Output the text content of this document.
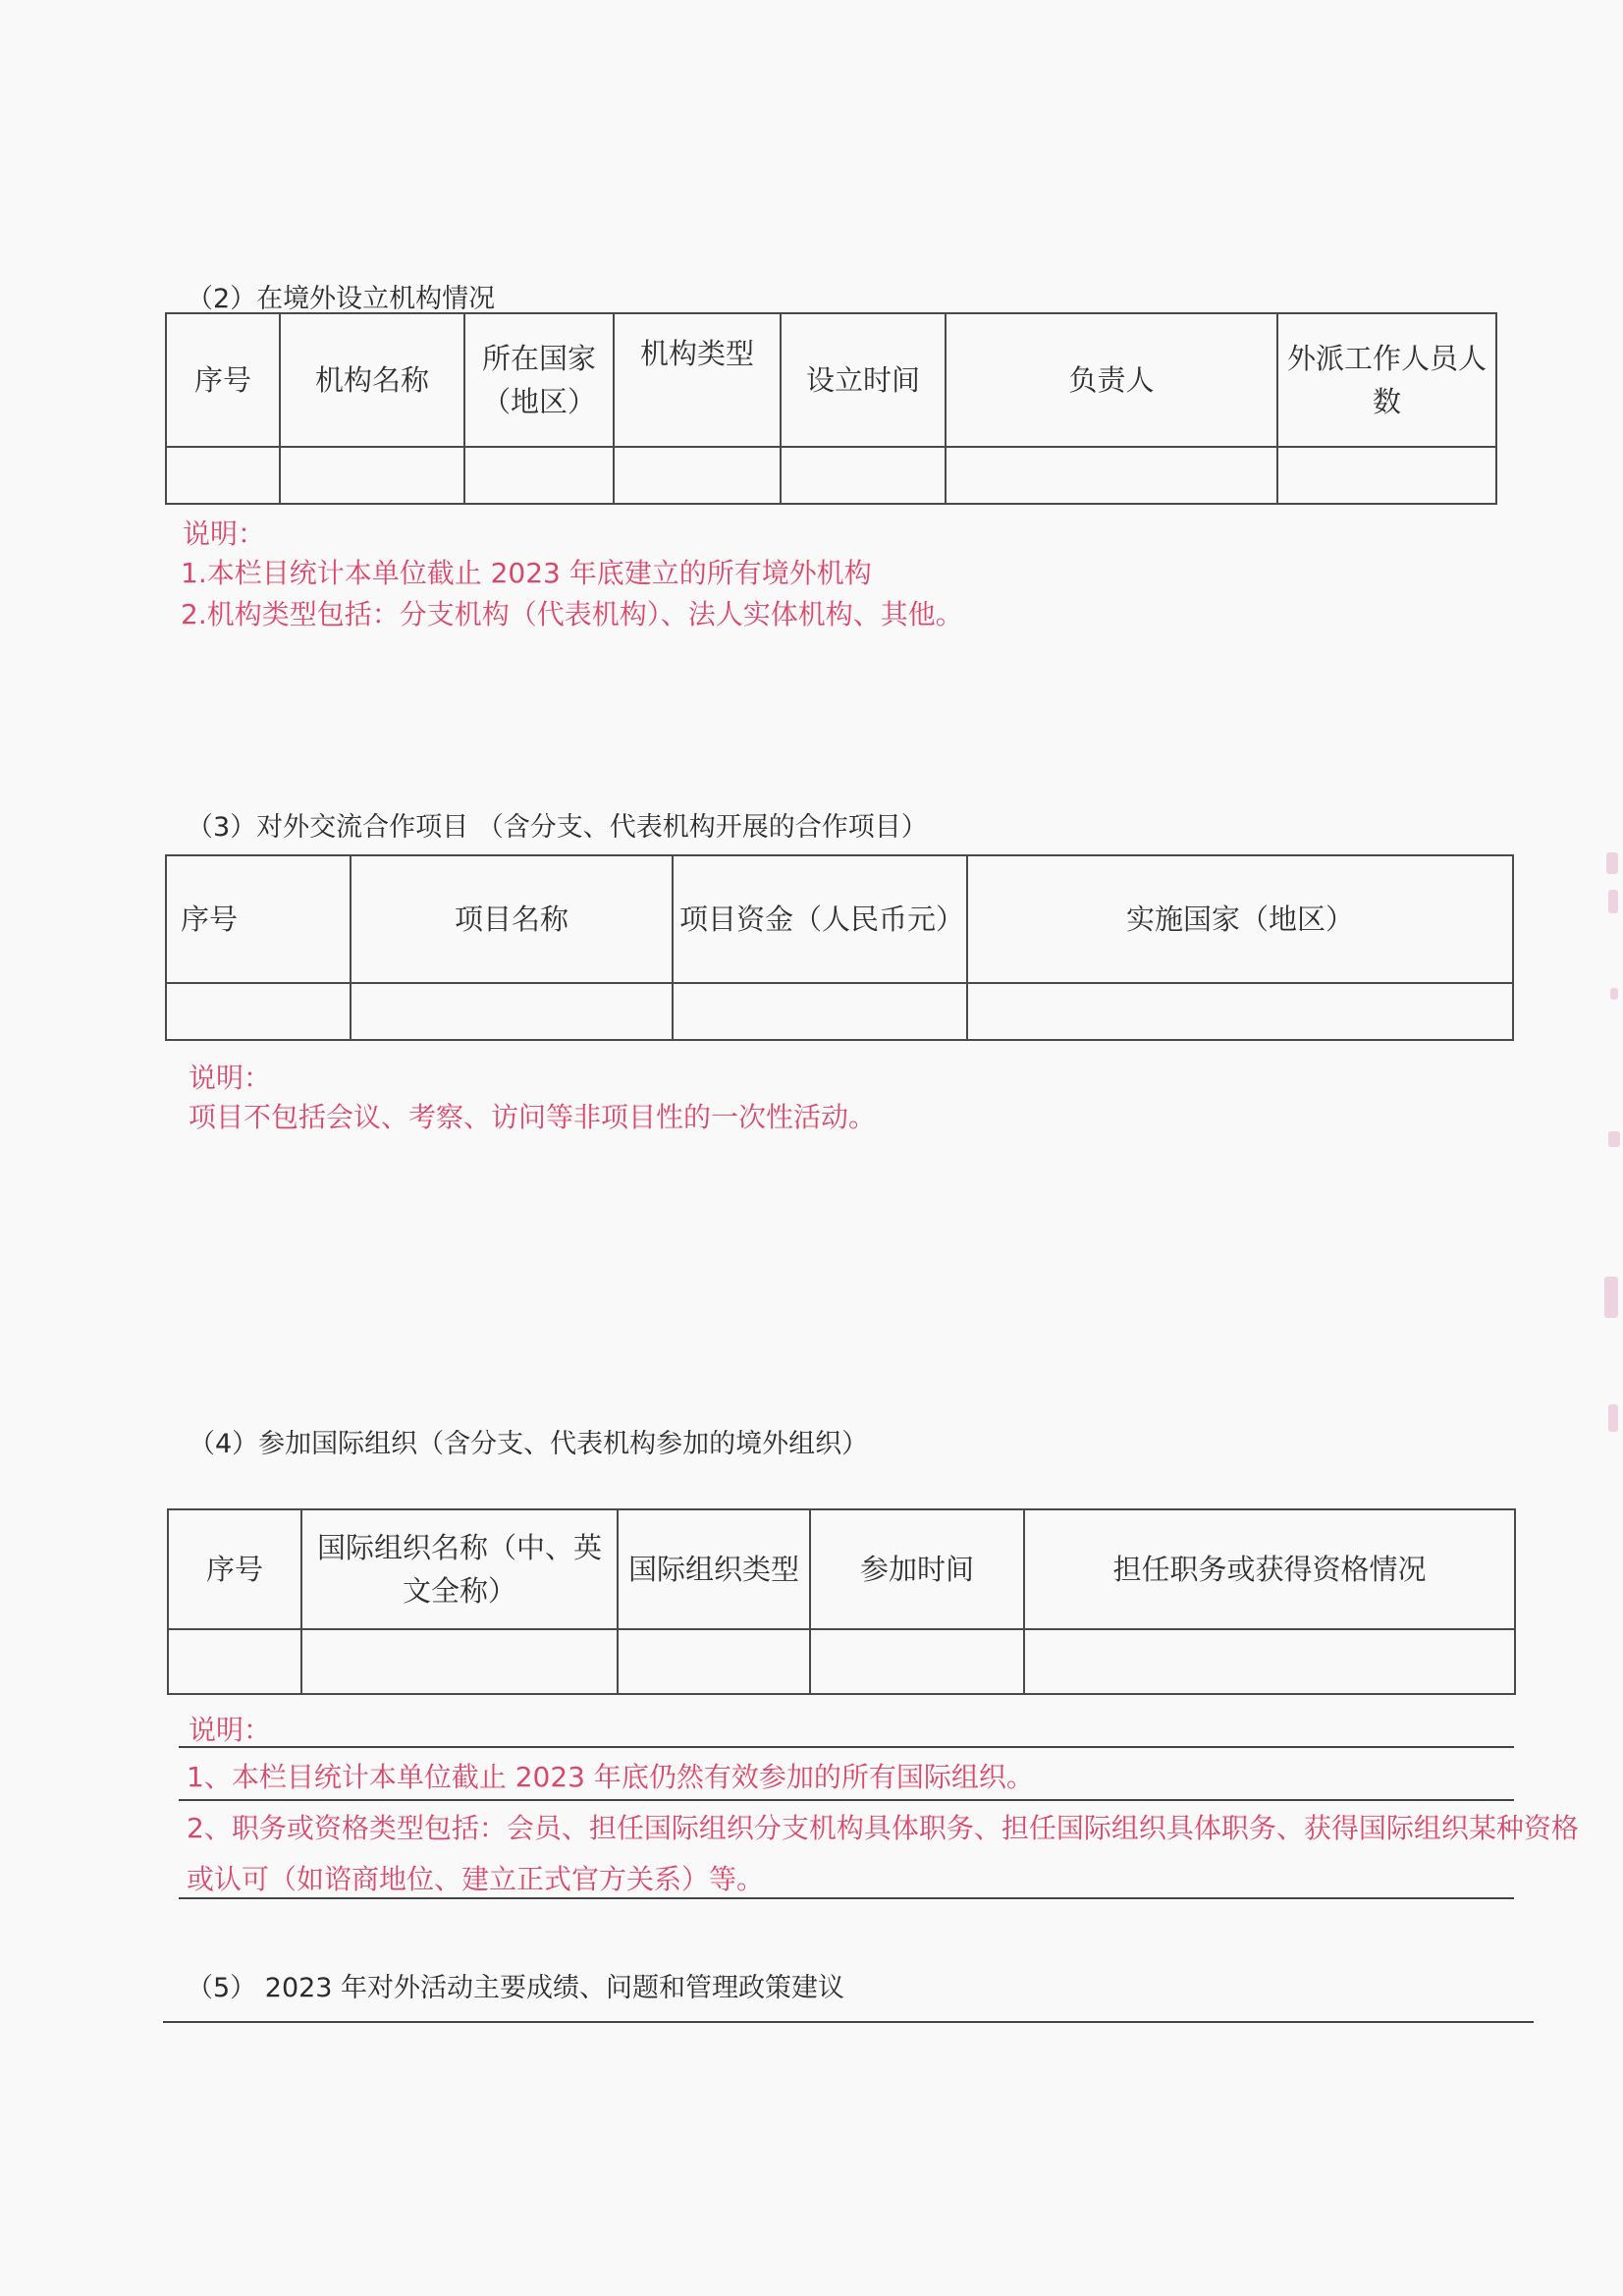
（2）在境外设立机构情况
序号	机构名称	所在国家（地区）	机构类型	设立时间	负责人	外派工作人员人数

说明：
1.本栏目统计本单位截止 2023 年底建立的所有境外机构
2.机构类型包括：分支机构（代表机构）、法人实体机构、其他。
（3）对外交流合作项目 （含分支、代表机构开展的合作项目）
序号	项目名称	项目资金（人民币元）	实施国家（地区）

说明：
项目不包括会议、考察、访问等非项目性的一次性活动。
（4）参加国际组织（含分支、代表机构参加的境外组织）
序号	国际组织名称（中、英文全称）	国际组织类型	参加时间	担任职务或获得资格情况

说明：
1、本栏目统计本单位截止 2023 年底仍然有效参加的所有国际组织。
2、职务或资格类型包括：会员、担任国际组织分支机构具体职务、担任国际组织具体职务、获得国际组织某种资格或认可（如谘商地位、建立正式官方关系）等。
（5） 2023 年对外活动主要成绩、问题和管理政策建议
